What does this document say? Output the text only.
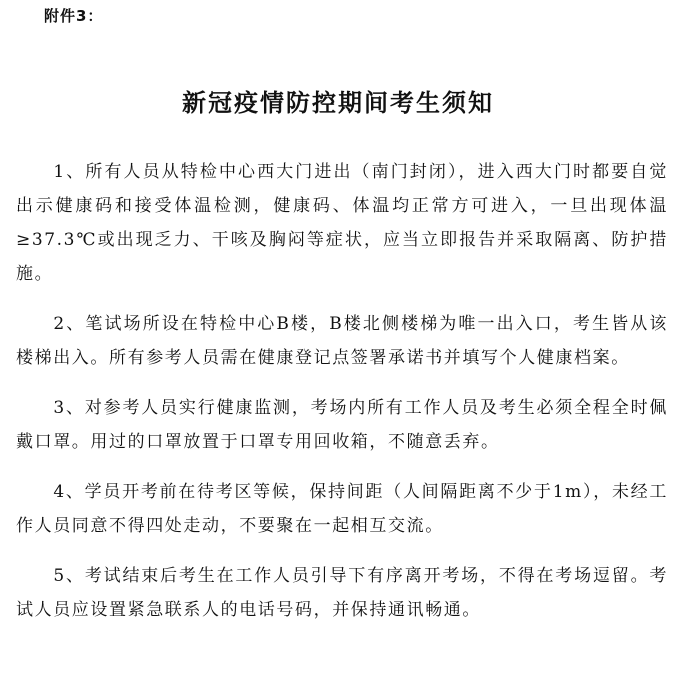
附件3：
新冠疫情防控期间考生须知

1、所有人员从特检中心西大门进出（南门封闭），进入西大门时都要自觉出示健康码和接受体温检测，健康码、体温均正常方可进入，一旦出现体温≥37.3℃或出现乏力、干咳及胸闷等症状，应当立即报告并采取隔离、防护措施。

2、笔试场所设在特检中心B楼，B楼北侧楼梯为唯一出入口，考生皆从该楼梯出入。所有参考人员需在健康登记点签署承诺书并填写个人健康档案。

3、对参考人员实行健康监测，考场内所有工作人员及考生必须全程全时佩戴口罩。用过的口罩放置于口罩专用回收箱，不随意丢弃。

4、学员开考前在待考区等候，保持间距（人间隔距离不少于1m），未经工作人员同意不得四处走动，不要聚在一起相互交流。

5、考试结束后考生在工作人员引导下有序离开考场，不得在考场逗留。考试人员应设置紧急联系人的电话号码，并保持通讯畅通。
